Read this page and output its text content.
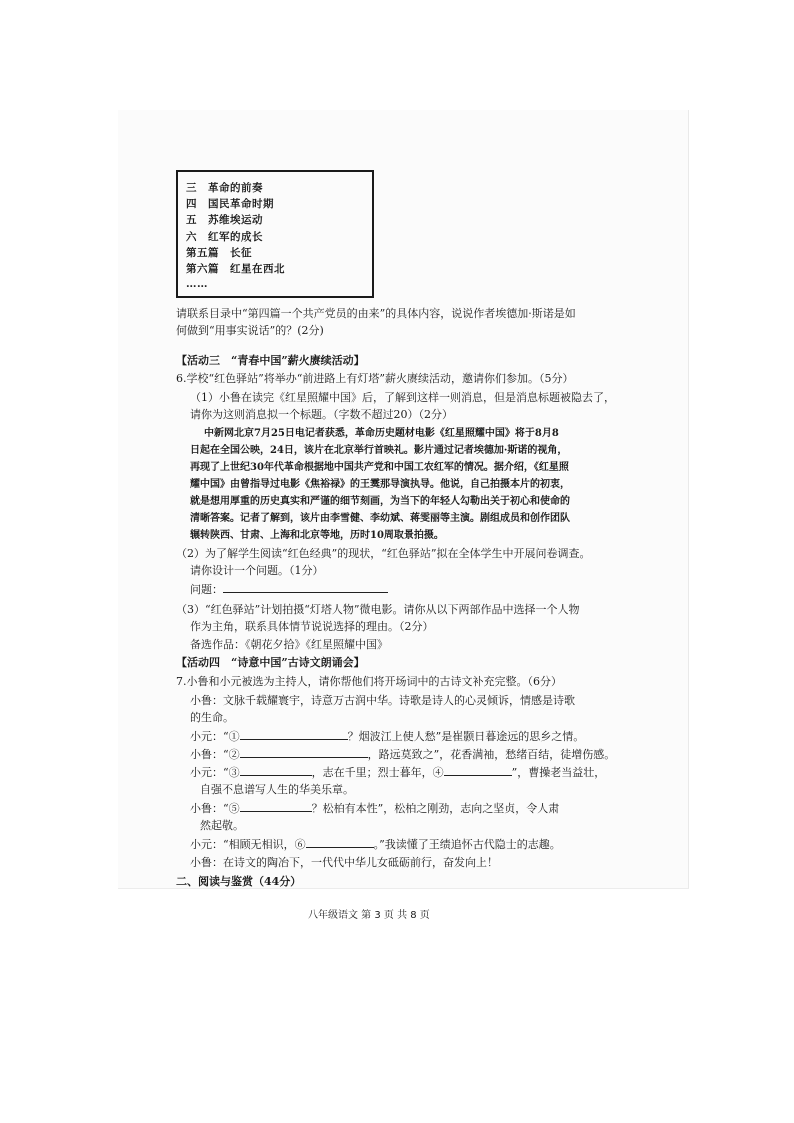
三　革命的前奏
四　国民革命时期
五　苏维埃运动
六　红军的成长
第五篇　长征
第六篇　红星在西北
……
请联系目录中“第四篇一个共产党员的由来”的具体内容，说说作者埃德加·斯诺是如
何做到“用事实说话”的？(2分)
【活动三　“青春中国”薪火赓续活动】
6.学校“红色驿站”将举办“前进路上有灯塔”薪火赓续活动，邀请你们参加。（5分）
（1）小鲁在读完《红星照耀中国》后，了解到这样一则消息，但是消息标题被隐去了，
请你为这则消息拟一个标题。（字数不超过20）（2分）
中新网北京7月25日电记者获悉，革命历史题材电影《红星照耀中国》将于8月8
日起在全国公映，24日，该片在北京举行首映礼。影片通过记者埃德加·斯诺的视角，
再现了上世纪30年代革命根据地中国共产党和中国工农红军的情况。据介绍，《红星照
耀中国》由曾指导过电影《焦裕禄》的王霙那导演执导。他说，自己拍摄本片的初衷，
就是想用厚重的历史真实和严谨的细节刻画，为当下的年轻人勾勒出关于初心和使命的
清晰答案。记者了解到，该片由李雪健、李幼斌、蒋雯丽等主演。剧组成员和创作团队
辗转陕西、甘肃、上海和北京等地，历时10周取景拍摄。
（2）为了解学生阅读“红色经典”的现状，“红色驿站”拟在全体学生中开展问卷调查。
请你设计一个问题。（1分）
问题：
（3）“红色驿站”计划拍摄“灯塔人物”微电影。请你从以下两部作品中选择一个人物
作为主角，联系具体情节说说选择的理由。（2分）
备选作品：《朝花夕拾》《红星照耀中国》
【活动四　“诗意中国”古诗文朗诵会】
7.小鲁和小元被选为主持人，请你帮他们将开场词中的古诗文补充完整。（6分）
小鲁：文脉千载耀寰宇，诗意万古润中华。诗歌是诗人的心灵倾诉，情感是诗歌
的生命。
小元：“①	？烟波江上使人愁”是崔颢日暮途远的思乡之情。
小鲁：“②	，路远莫致之”，花香满袖，愁绪百结，徒增伤感。
小元：“③	，志在千里；烈士暮年，④	”，曹操老当益壮，
自强不息谱写人生的华美乐章。
小鲁：“⑤	？松柏有本性”，松柏之刚劲，志向之坚贞，令人肃
然起敬。
小元：“相顾无相识，⑥	。”我读懂了王绩追怀古代隐士的志趣。
小鲁：在诗文的陶冶下，一代代中华儿女砥砺前行，奋发向上！
二、阅读与鉴赏（44分）
八年级语文 第 3 页 共 8 页
